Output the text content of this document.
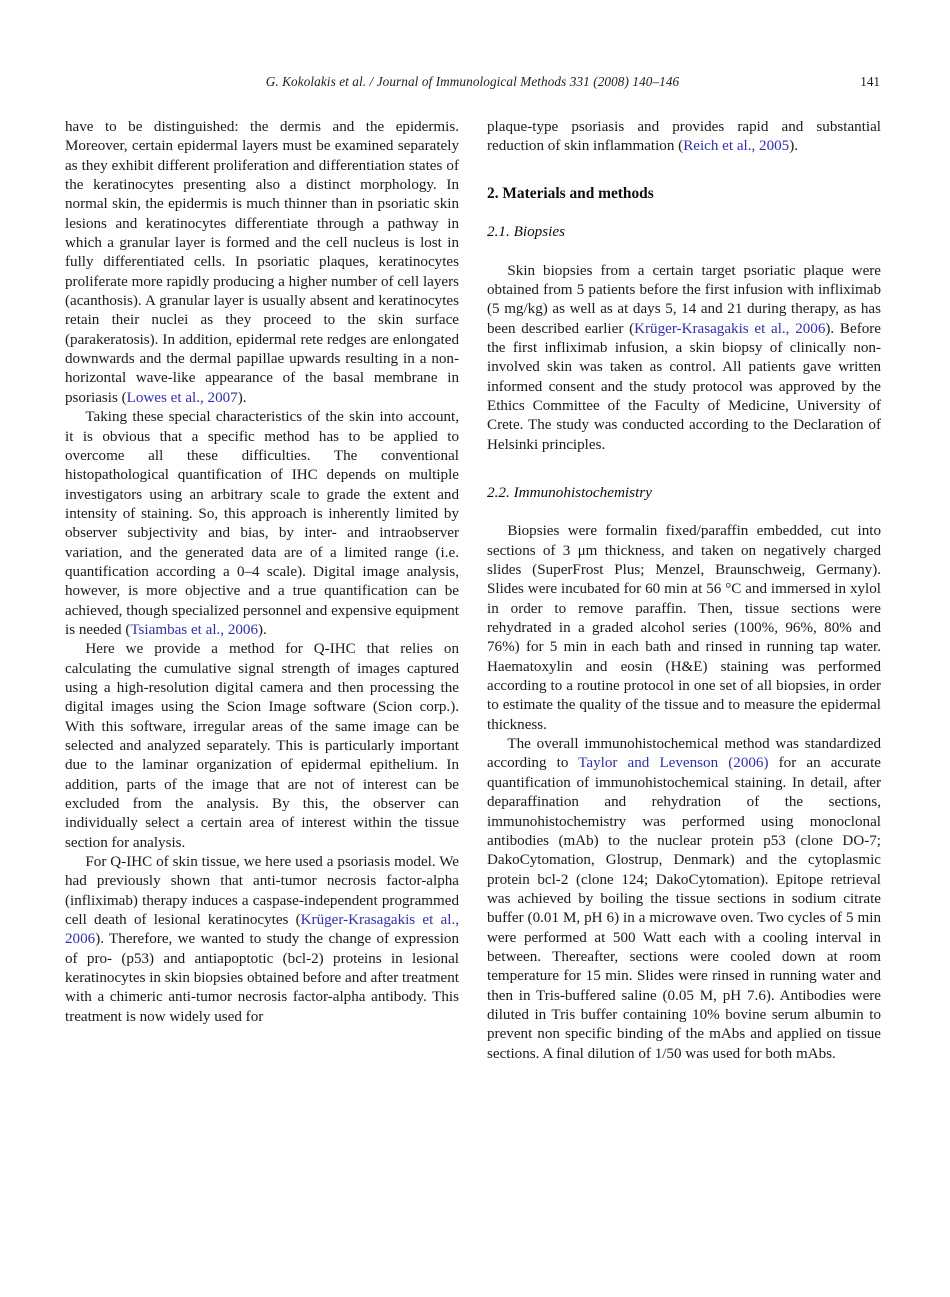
G. Kokolakis et al. / Journal of Immunological Methods 331 (2008) 140–146	141

have to be distinguished: the dermis and the epidermis. Moreover, certain epidermal layers must be examined separately as they exhibit different proliferation and differentiation states of the keratinocytes presenting also a distinct morphology. In normal skin, the epidermis is much thinner than in psoriatic skin lesions and keratinocytes differentiate through a pathway in which a granular layer is formed and the cell nucleus is lost in fully differentiated cells. In psoriatic plaques, keratinocytes proliferate more rapidly producing a higher number of cell layers (acanthosis). A granular layer is usually absent and keratinocytes retain their nuclei as they proceed to the skin surface (parakeratosis). In addition, epidermal rete redges are enlongated downwards and the dermal papillae upwards resulting in a non-horizontal wave-like appearance of the basal membrane in psoriasis (Lowes et al., 2007).

Taking these special characteristics of the skin into account, it is obvious that a specific method has to be applied to overcome all these difficulties. The conventional histopathological quantification of IHC depends on multiple investigators using an arbitrary scale to grade the extent and intensity of staining. So, this approach is inherently limited by observer subjectivity and bias, by inter- and intraobserver variation, and the generated data are of a limited range (i.e. quantification according a 0–4 scale). Digital image analysis, however, is more objective and a true quantification can be achieved, though specialized personnel and expensive equipment is needed (Tsiambas et al., 2006).

Here we provide a method for Q-IHC that relies on calculating the cumulative signal strength of images captured using a high-resolution digital camera and then processing the digital images using the Scion Image software (Scion corp.). With this software, irregular areas of the same image can be selected and analyzed separately. This is particularly important due to the laminar organization of epidermal epithelium. In addition, parts of the image that are not of interest can be excluded from the analysis. By this, the observer can individually select a certain area of interest within the tissue section for analysis.

For Q-IHC of skin tissue, we here used a psoriasis model. We had previously shown that anti-tumor necrosis factor-alpha (infliximab) therapy induces a caspase-independent programmed cell death of lesional keratinocytes (Krüger-Krasagakis et al., 2006). Therefore, we wanted to study the change of expression of pro- (p53) and antiapoptotic (bcl-2) proteins in lesional keratinocytes in skin biopsies obtained before and after treatment with a chimeric anti-tumor necrosis factor-alpha antibody. This treatment is now widely used for

plaque-type psoriasis and provides rapid and substantial reduction of skin inflammation (Reich et al., 2005).

2. Materials and methods
2.1. Biopsies

Skin biopsies from a certain target psoriatic plaque were obtained from 5 patients before the first infusion with infliximab (5 mg/kg) as well as at days 5, 14 and 21 during therapy, as has been described earlier (Krüger-Krasagakis et al., 2006). Before the first infliximab infusion, a skin biopsy of clinically non-involved skin was taken as control. All patients gave written informed consent and the study protocol was approved by the Ethics Committee of the Faculty of Medicine, University of Crete. The study was conducted according to the Declaration of Helsinki principles.

2.2. Immunohistochemistry

Biopsies were formalin fixed/paraffin embedded, cut into sections of 3 μm thickness, and taken on negatively charged slides (SuperFrost Plus; Menzel, Braunschweig, Germany). Slides were incubated for 60 min at 56 °C and immersed in xylol in order to remove paraffin. Then, tissue sections were rehydrated in a graded alcohol series (100%, 96%, 80% and 76%) for 5 min in each bath and rinsed in running tap water. Haematoxylin and eosin (H&E) staining was performed according to a routine protocol in one set of all biopsies, in order to estimate the quality of the tissue and to measure the epidermal thickness.

The overall immunohistochemical method was standardized according to Taylor and Levenson (2006) for an accurate quantification of immunohistochemical staining. In detail, after deparaffination and rehydration of the sections, immunohistochemistry was performed using monoclonal antibodies (mAb) to the nuclear protein p53 (clone DO-7; DakoCytomation, Glostrup, Denmark) and the cytoplasmic protein bcl-2 (clone 124; DakoCytomation). Epitope retrieval was achieved by boiling the tissue sections in sodium citrate buffer (0.01 M, pH 6) in a microwave oven. Two cycles of 5 min were performed at 500 Watt each with a cooling interval in between. Thereafter, sections were cooled down at room temperature for 15 min. Slides were rinsed in running water and then in Tris-buffered saline (0.05 M, pH 7.6). Antibodies were diluted in Tris buffer containing 10% bovine serum albumin to prevent non specific binding of the mAbs and applied on tissue sections. A final dilution of 1/50 was used for both mAbs.
